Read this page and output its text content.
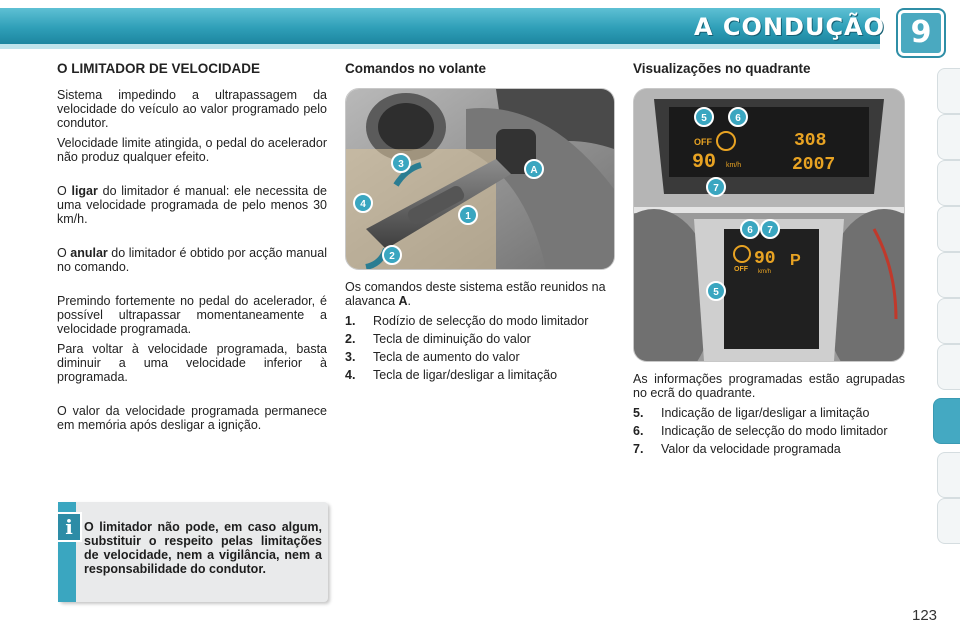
A CONDUÇÃO 9
O LIMITADOR DE VELOCIDADE

Sistema impedindo a ultrapassagem da velocidade do veículo ao valor programado pelo condutor.

Velocidade limite atingida, o pedal do acelerador não produz qualquer efeito.

O ligar do limitador é manual: ele necessita de uma velocidade programada de pelo menos 30 km/h.

O anular do limitador é obtido por acção manual no comando.

Premindo fortemente no pedal do acelerador, é possível ultrapassar momentaneamente a velocidade programada.

Para voltar à velocidade programada, basta diminuir a uma velocidade inferior à programada.

O valor da velocidade programada permanece em memória após desligar a ignição.

Comandos no volante
A
3
4
1
2

Os comandos deste sistema estão reunidos na alavanca A.

1.	Rodízio de selecção do modo limitador
2.	Tecla de diminuição do valor
3.	Tecla de aumento do valor
4.	Tecla de ligar/desligar a limitação
Visualizações no quadrante
OFF
90 km/h
308
2007
OFF
90
km/h
P
5	6
7
6 7
5

As informações programadas estão agrupadas no ecrã do quadrante.

5.	Indicação de ligar/desligar a limitação
6.	Indicação de selecção do modo limitador
7.	Valor da velocidade programada
i O limitador não pode, em caso algum, substituir o respeito pelas limitações de velocidade, nem a vigilância, nem a responsabilidade do condutor.
123
